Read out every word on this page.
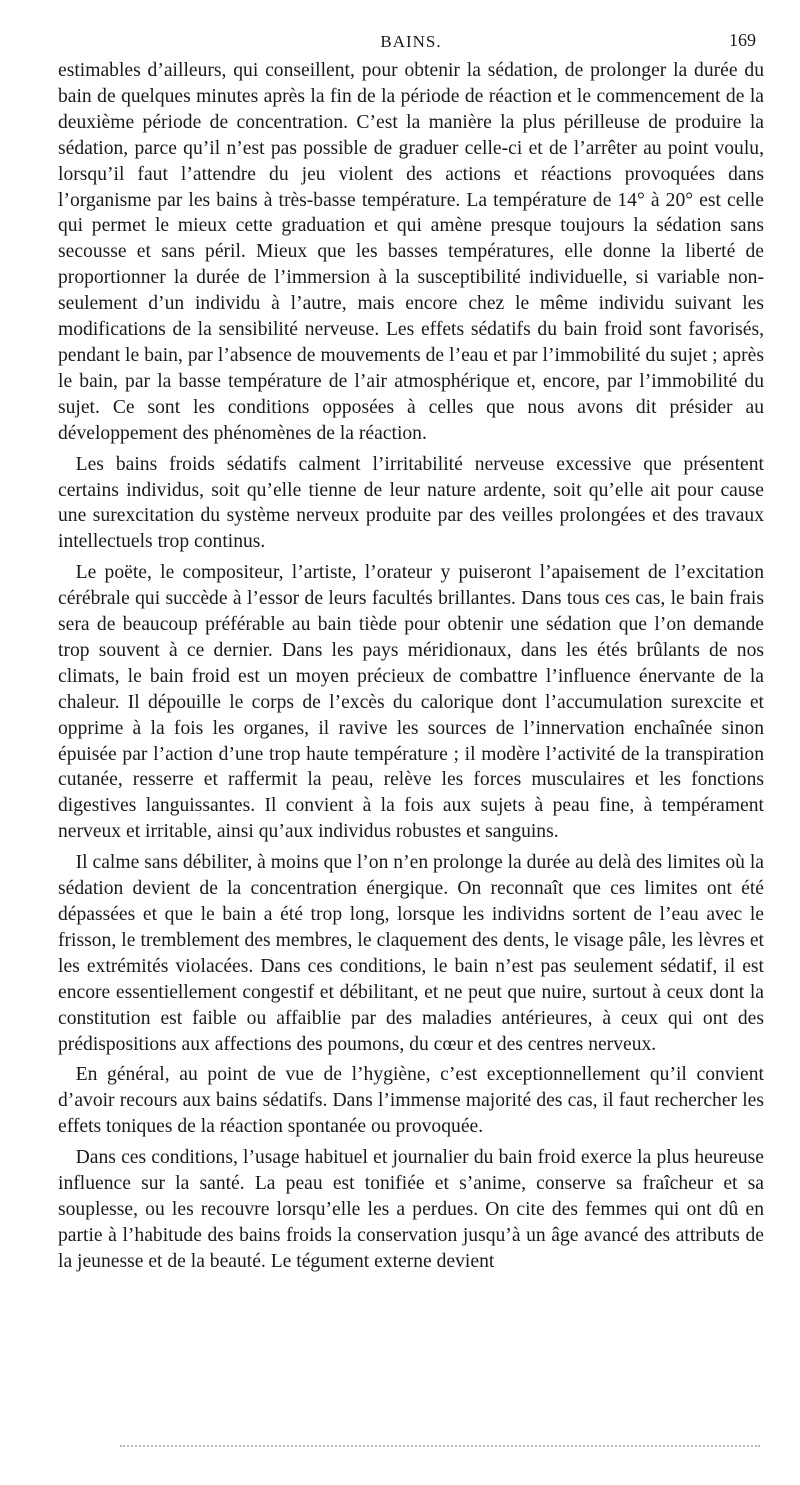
BAINS.	169

estimables d’ailleurs, qui conseillent, pour obtenir la sédation, de prolonger la durée du bain de quelques minutes après la fin de la période de réaction et le commencement de la deuxième période de concentration. C’est la manière la plus périlleuse de produire la sédation, parce qu’il n’est pas possible de graduer celle-ci et de l’arrêter au point voulu, lorsqu’il faut l’attendre du jeu violent des actions et réactions provoquées dans l’organisme par les bains à très-basse température. La température de 14° à 20° est celle qui permet le mieux cette graduation et qui amène presque toujours la sédation sans secousse et sans péril. Mieux que les basses températures, elle donne la liberté de proportionner la durée de l’immersion à la susceptibilité individuelle, si variable non-seulement d’un individu à l’autre, mais encore chez le même individu suivant les modifications de la sensibilité nerveuse. Les effets sédatifs du bain froid sont favorisés, pendant le bain, par l’absence de mouvements de l’eau et par l’immobilité du sujet ; après le bain, par la basse température de l’air atmosphérique et, encore, par l’immobilité du sujet. Ce sont les conditions opposées à celles que nous avons dit présider au développement des phénomènes de la réaction.

Les bains froids sédatifs calment l’irritabilité nerveuse excessive que présentent certains individus, soit qu’elle tienne de leur nature ardente, soit qu’elle ait pour cause une surexcitation du système nerveux produite par des veilles prolongées et des travaux intellectuels trop continus.

Le poëte, le compositeur, l’artiste, l’orateur y puiseront l’apaisement de l’excitation cérébrale qui succède à l’essor de leurs facultés brillantes. Dans tous ces cas, le bain frais sera de beaucoup préférable au bain tiède pour obtenir une sédation que l’on demande trop souvent à ce dernier. Dans les pays méridionaux, dans les étés brûlants de nos climats, le bain froid est un moyen précieux de combattre l’influence énervante de la chaleur. Il dépouille le corps de l’excès du calorique dont l’accumulation surexcite et opprime à la fois les organes, il ravive les sources de l’innervation enchaînée sinon épuisée par l’action d’une trop haute température ; il modère l’activité de la transpiration cutanée, resserre et raffermit la peau, relève les forces musculaires et les fonctions digestives languissantes. Il convient à la fois aux sujets à peau fine, à tempérament nerveux et irritable, ainsi qu’aux individus robustes et sanguins.

Il calme sans débiliter, à moins que l’on n’en prolonge la durée au delà des limites où la sédation devient de la concentration énergique. On reconnaît que ces limites ont été dépassées et que le bain a été trop long, lorsque les individns sortent de l’eau avec le frisson, le tremblement des membres, le claquement des dents, le visage pâle, les lèvres et les extrémités violacées. Dans ces conditions, le bain n’est pas seulement sédatif, il est encore essentiellement congestif et débilitant, et ne peut que nuire, surtout à ceux dont la constitution est faible ou affaiblie par des maladies antérieures, à ceux qui ont des prédispositions aux affections des poumons, du cœur et des centres nerveux.

En général, au point de vue de l’hygiène, c’est exceptionnellement qu’il convient d’avoir recours aux bains sédatifs. Dans l’immense majorité des cas, il faut rechercher les effets toniques de la réaction spontanée ou provoquée.

Dans ces conditions, l’usage habituel et journalier du bain froid exerce la plus heureuse influence sur la santé. La peau est tonifiée et s’anime, conserve sa fraîcheur et sa souplesse, ou les recouvre lorsqu’elle les a perdues. On cite des femmes qui ont dû en partie à l’habitude des bains froids la conservation jusqu’à un âge avancé des attributs de la jeunesse et de la beauté. Le tégument externe devient
